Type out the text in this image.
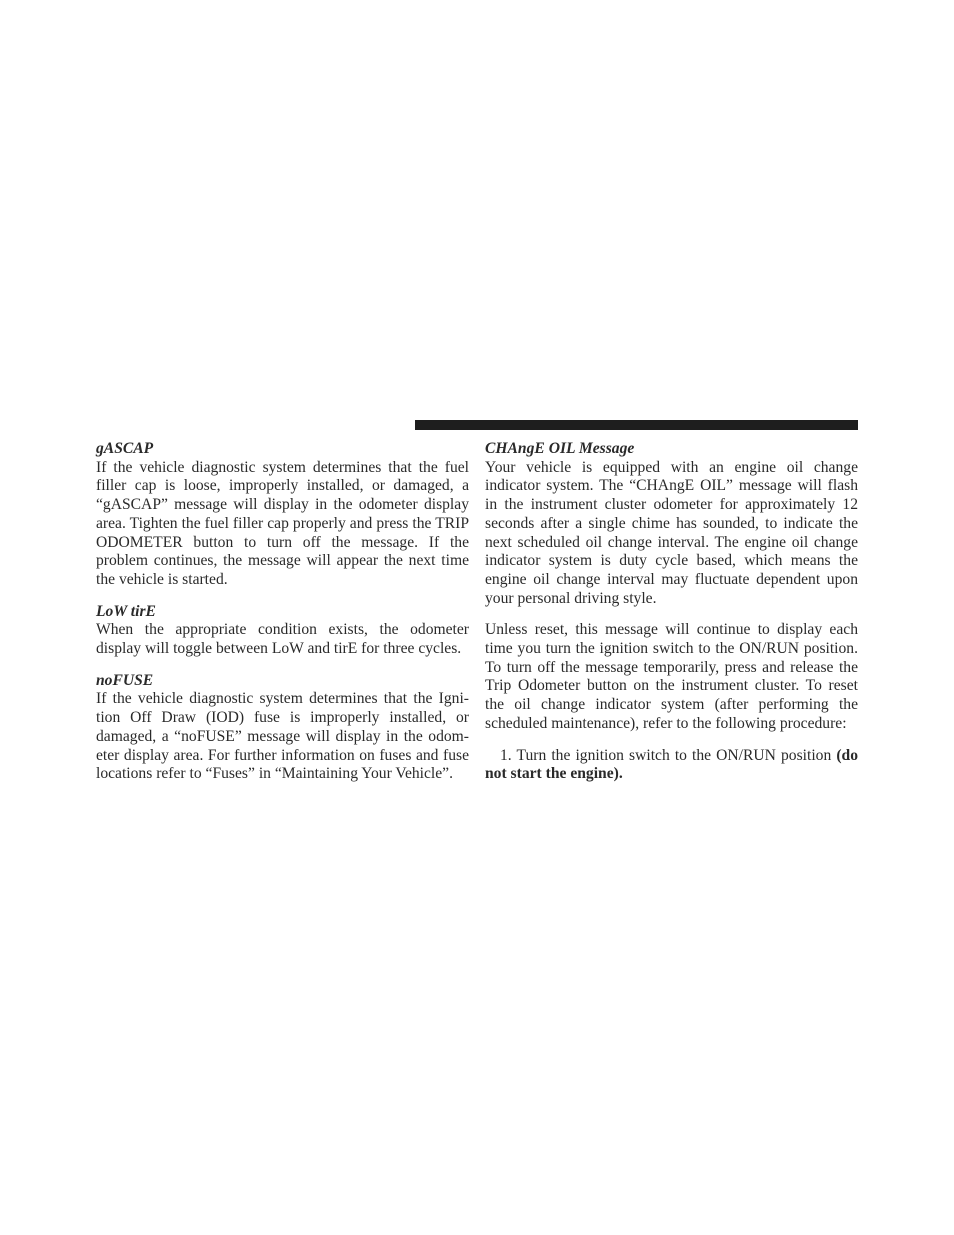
gASCAP

If the vehicle diagnostic system determines that the fuel filler cap is loose, improperly installed, or damaged, a “gASCAP” message will display in the odometer display area. Tighten the fuel filler cap properly and press the TRIP ODOMETER button to turn off the message. If the problem continues, the message will appear the next time the vehicle is started.

LoW tirE

When the appropriate condition exists, the odometer display will toggle between LoW and tirE for three cycles.

noFUSE

If the vehicle diagnostic system determines that the Igni-tion Off Draw (IOD) fuse is improperly installed, or damaged, a “noFUSE” message will display in the odom-eter display area. For further information on fuses and fuse locations refer to “Fuses” in “Maintaining Your Vehicle”.

CHAngE OIL Message

Your vehicle is equipped with an engine oil change indicator system. The “CHAngE OIL” message will flash in the instrument cluster odometer for approximately 12 seconds after a single chime has sounded, to indicate the next scheduled oil change interval. The engine oil change indicator system is duty cycle based, which means the engine oil change interval may fluctuate dependent upon your personal driving style.

Unless reset, this message will continue to display each time you turn the ignition switch to the ON/RUN position. To turn off the message temporarily, press and release the Trip Odometer button on the instrument cluster. To reset the oil change indicator system (after performing the scheduled maintenance), refer to the following procedure:

1. Turn the ignition switch to the ON/RUN position (do not start the engine).
